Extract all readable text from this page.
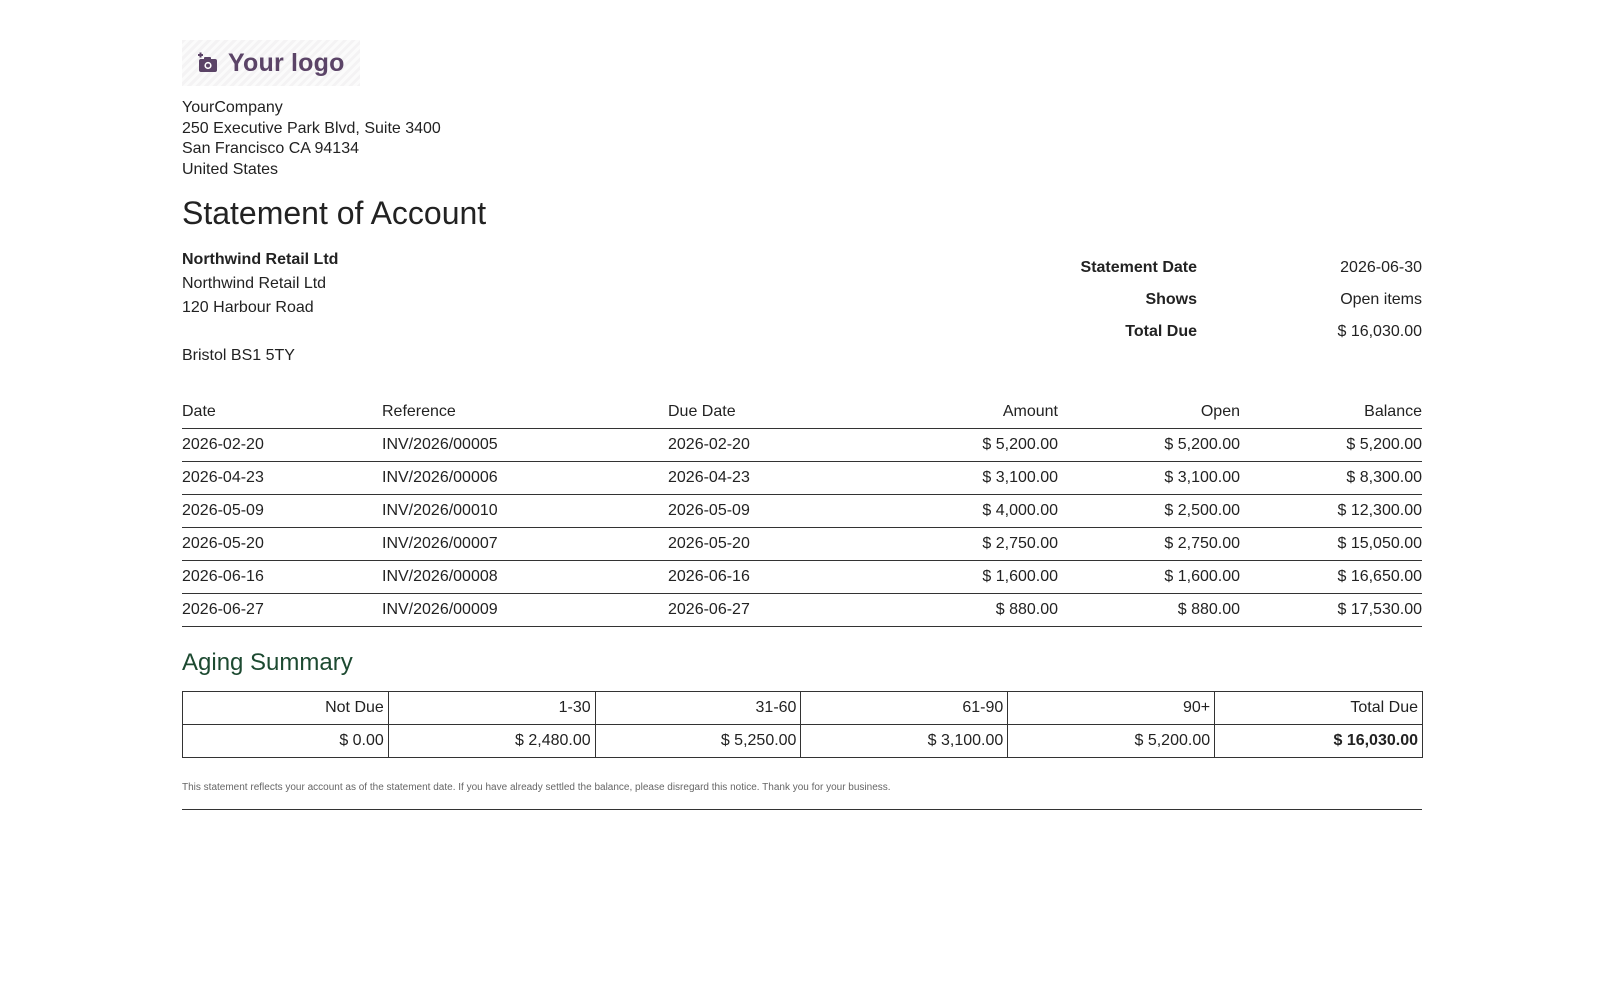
Your logo
YourCompany
250 Executive Park Blvd, Suite 3400
San Francisco CA 94134
United States
Statement of Account
Northwind Retail Ltd
Northwind Retail Ltd
120 Harbour Road
Bristol BS1 5TY
Statement Date	2026-06-30
Shows	Open items
Total Due	$ 16,030.00
Date	Reference	Due Date	Amount	Open	Balance
2026-02-20	INV/2026/00005	2026-02-20	$ 5,200.00	$ 5,200.00	$ 5,200.00
2026-04-23	INV/2026/00006	2026-04-23	$ 3,100.00	$ 3,100.00	$ 8,300.00
2026-05-09	INV/2026/00010	2026-05-09	$ 4,000.00	$ 2,500.00	$ 12,300.00
2026-05-20	INV/2026/00007	2026-05-20	$ 2,750.00	$ 2,750.00	$ 15,050.00
2026-06-16	INV/2026/00008	2026-06-16	$ 1,600.00	$ 1,600.00	$ 16,650.00
2026-06-27	INV/2026/00009	2026-06-27	$ 880.00	$ 880.00	$ 17,530.00
Aging Summary
Not Due	1-30	31-60	61-90	90+	Total Due
$ 0.00	$ 2,480.00	$ 5,250.00	$ 3,100.00	$ 5,200.00	$ 16,030.00
This statement reflects your account as of the statement date. If you have already settled the balance, please disregard this notice. Thank you for your business.
